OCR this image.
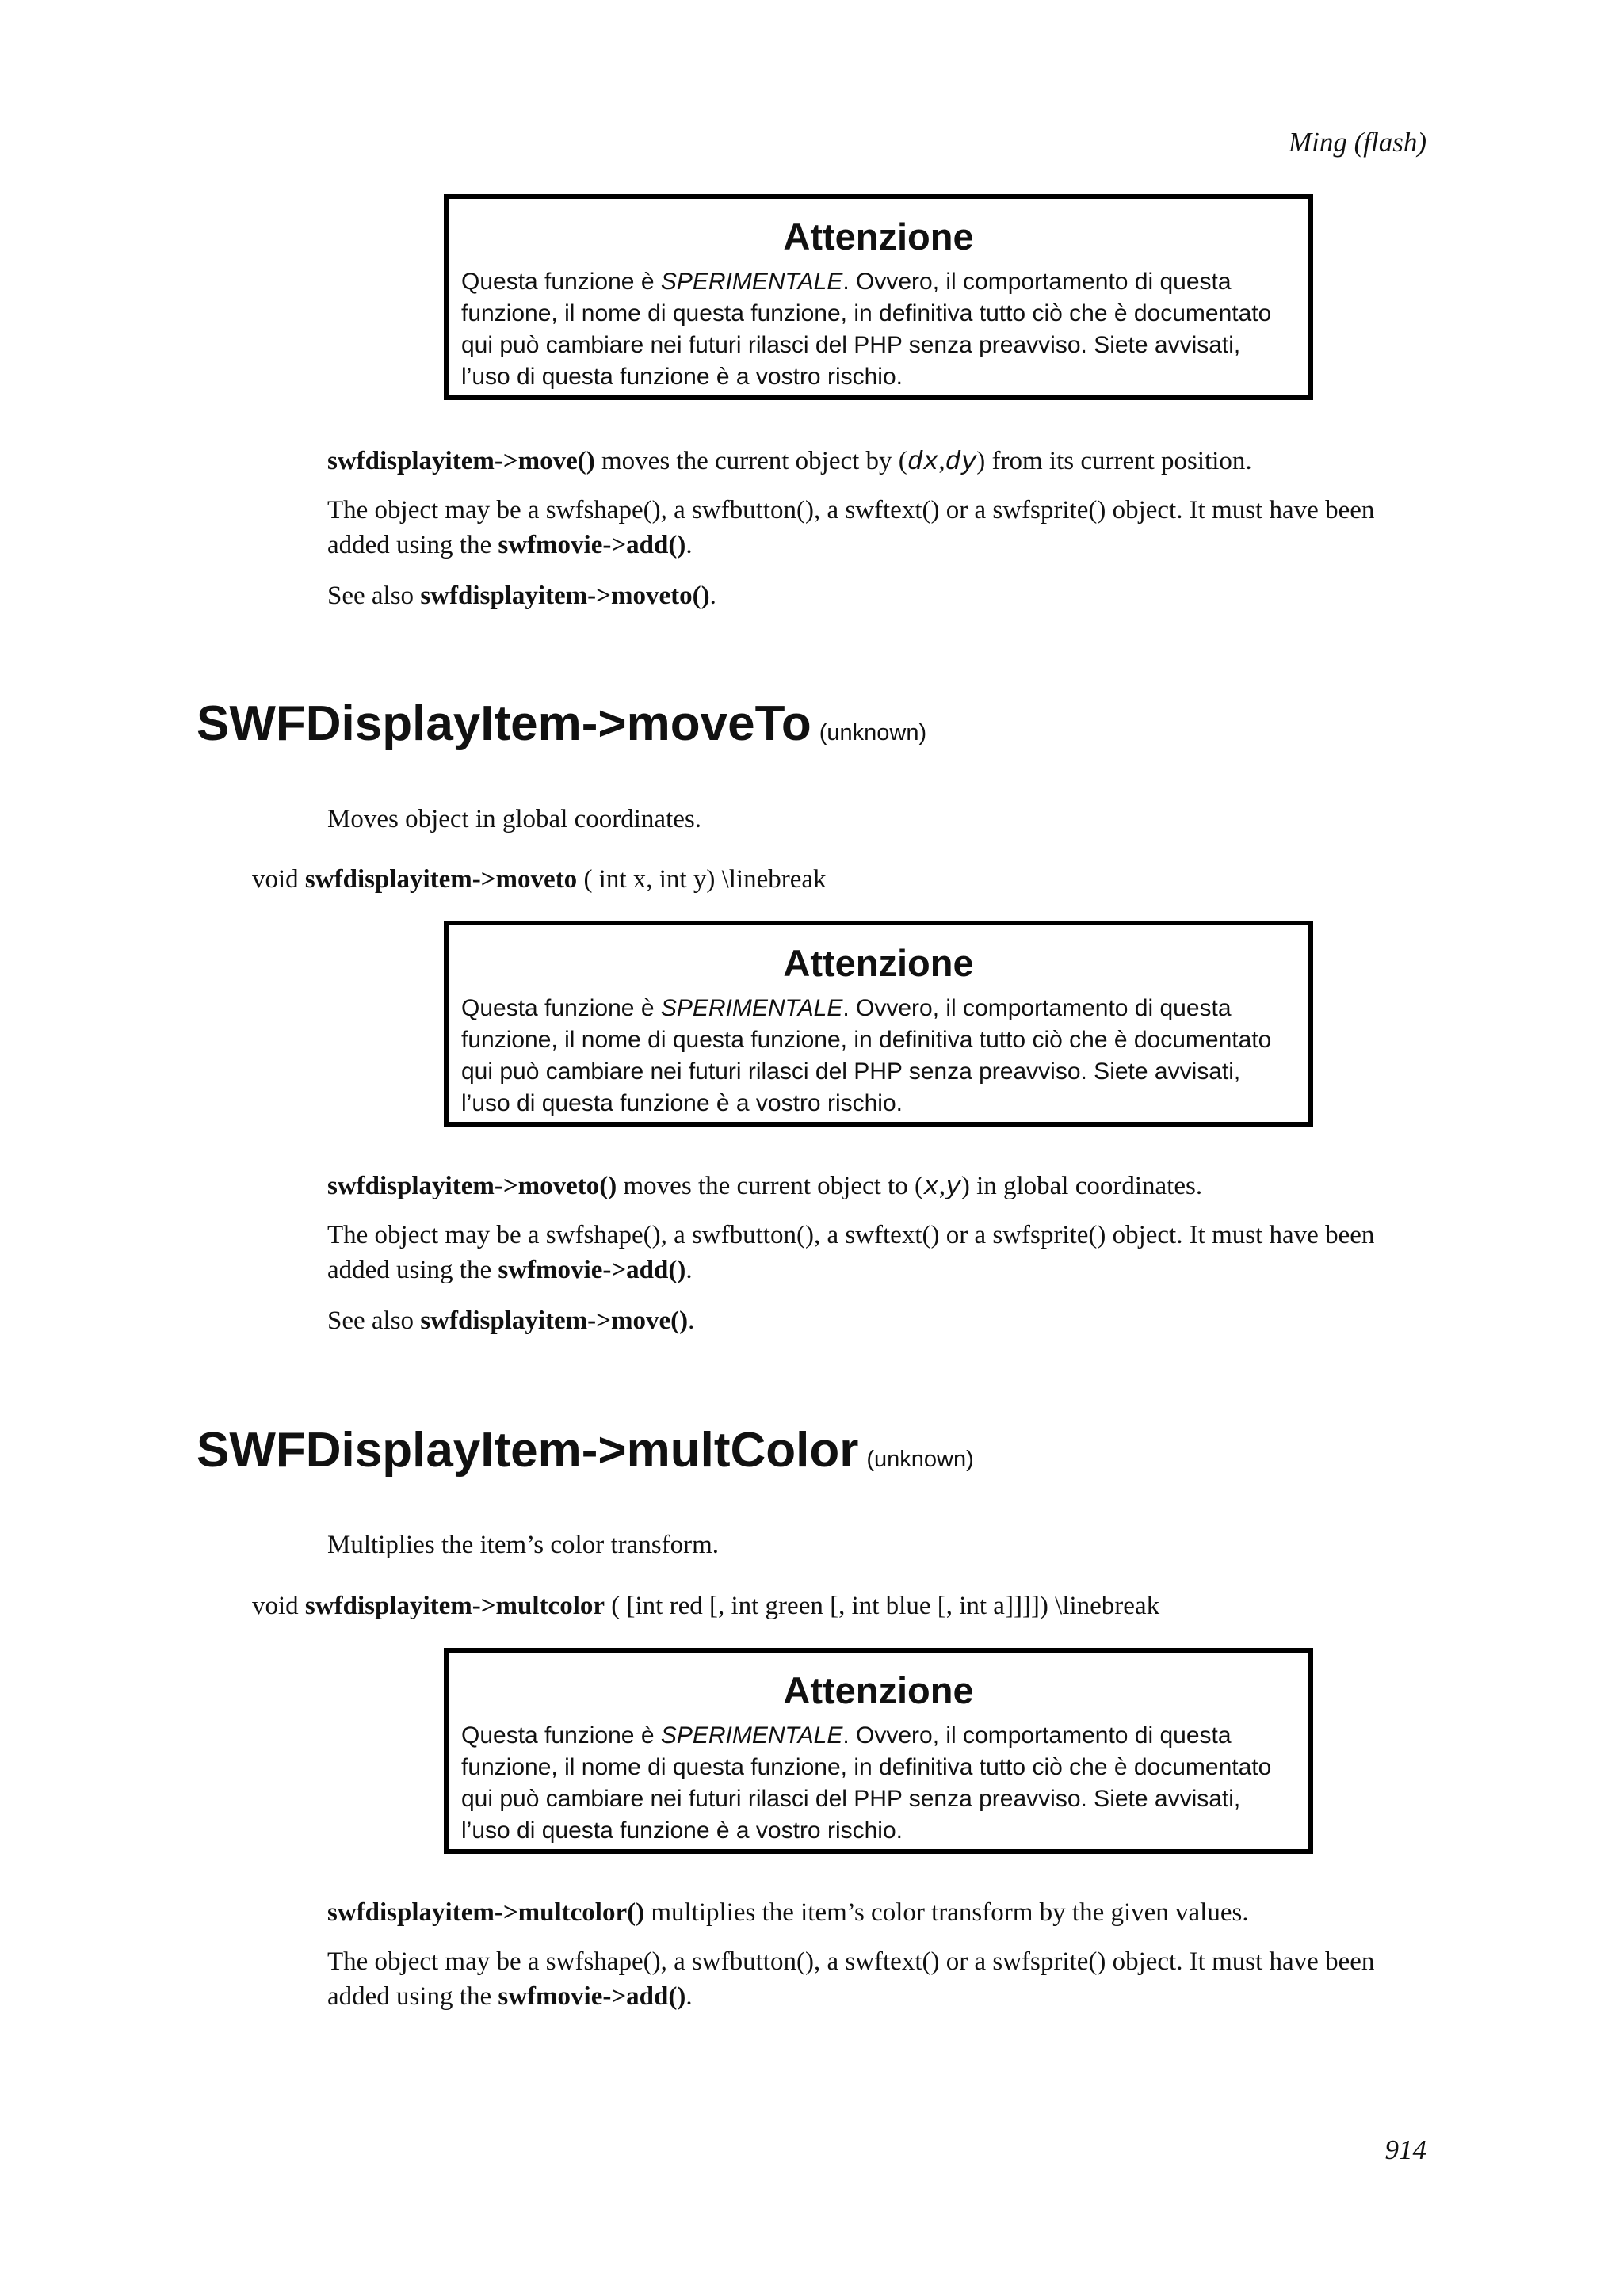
Ming (flash)
Attenzione

Questa funzione è SPERIMENTALE. Ovvero, il comportamento di questa funzione, il nome di questa funzione, in definitiva tutto ciò che è documentato qui può cambiare nei futuri rilasci del PHP senza preavviso. Siete avvisati, l’uso di questa funzione è a vostro rischio.

swfdisplayitem->move() moves the current object by (dx,dy) from its current position.

The object may be a swfshape(), a swfbutton(), a swftext() or a swfsprite() object. It must have been added using the swfmovie->add().

See also swfdisplayitem->moveto().

SWFDisplayItem->moveTo (unknown)

Moves object in global coordinates.

void swfdisplayitem->moveto ( int x, int y) \linebreak

Attenzione

Questa funzione è SPERIMENTALE. Ovvero, il comportamento di questa funzione, il nome di questa funzione, in definitiva tutto ciò che è documentato qui può cambiare nei futuri rilasci del PHP senza preavviso. Siete avvisati, l’uso di questa funzione è a vostro rischio.

swfdisplayitem->moveto() moves the current object to (x,y) in global coordinates.

The object may be a swfshape(), a swfbutton(), a swftext() or a swfsprite() object. It must have been added using the swfmovie->add().

See also swfdisplayitem->move().

SWFDisplayItem->multColor (unknown)

Multiplies the item’s color transform.

void swfdisplayitem->multcolor ( [int red [, int green [, int blue [, int a]]]]) \linebreak

Attenzione

Questa funzione è SPERIMENTALE. Ovvero, il comportamento di questa funzione, il nome di questa funzione, in definitiva tutto ciò che è documentato qui può cambiare nei futuri rilasci del PHP senza preavviso. Siete avvisati, l’uso di questa funzione è a vostro rischio.

swfdisplayitem->multcolor() multiplies the item’s color transform by the given values.

The object may be a swfshape(), a swfbutton(), a swftext() or a swfsprite() object. It must have been added using the swfmovie->add().

914
